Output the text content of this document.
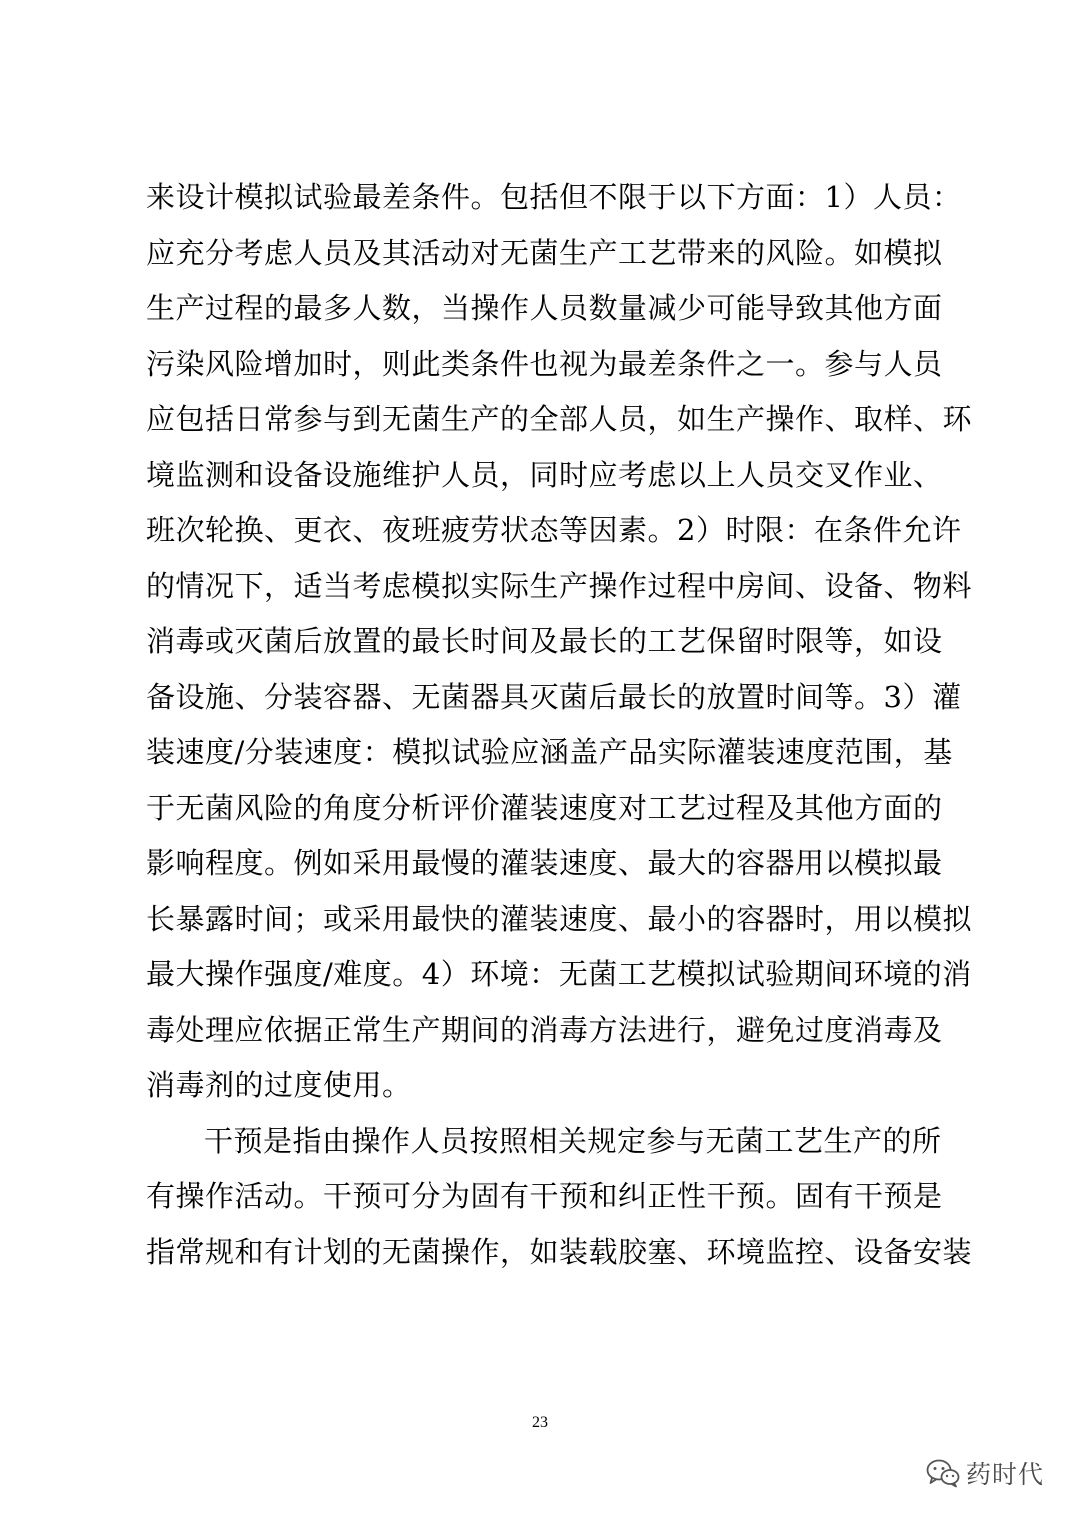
来设计模拟试验最差条件。包括但不限于以下方面：1）人员：
应充分考虑人员及其活动对无菌生产工艺带来的风险。如模拟
生产过程的最多人数，当操作人员数量减少可能导致其他方面
污染风险增加时，则此类条件也视为最差条件之一。参与人员
应包括日常参与到无菌生产的全部人员，如生产操作、取样、环
境监测和设备设施维护人员，同时应考虑以上人员交叉作业、
班次轮换、更衣、夜班疲劳状态等因素。2）时限：在条件允许
的情况下，适当考虑模拟实际生产操作过程中房间、设备、物料
消毒或灭菌后放置的最长时间及最长的工艺保留时限等，如设
备设施、分装容器、无菌器具灭菌后最长的放置时间等。3）灌
装速度/分装速度：模拟试验应涵盖产品实际灌装速度范围，基
于无菌风险的角度分析评价灌装速度对工艺过程及其他方面的
影响程度。例如采用最慢的灌装速度、最大的容器用以模拟最
长暴露时间；或采用最快的灌装速度、最小的容器时，用以模拟
最大操作强度/难度。4）环境：无菌工艺模拟试验期间环境的消
毒处理应依据正常生产期间的消毒方法进行，避免过度消毒及
消毒剂的过度使用。
干预是指由操作人员按照相关规定参与无菌工艺生产的所
有操作活动。干预可分为固有干预和纠正性干预。固有干预是
指常规和有计划的无菌操作，如装载胶塞、环境监控、设备安装
23
药时代
